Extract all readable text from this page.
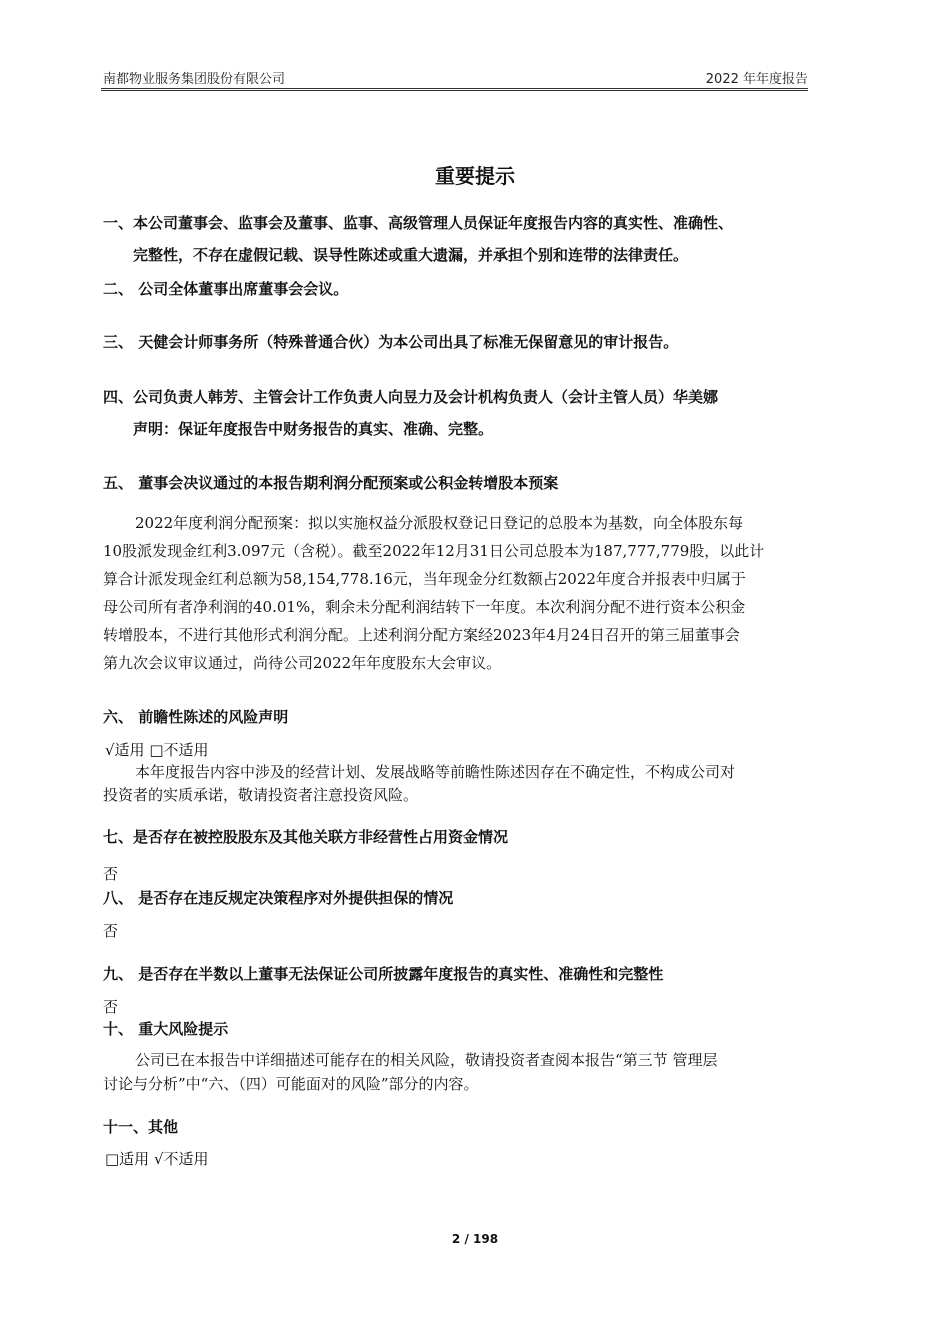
南都物业服务集团股份有限公司	2022 年年度报告
重要提示
一、本公司董事会、监事会及董事、监事、高级管理人员保证年度报告内容的真实性、准确性、
完整性，不存在虚假记载、误导性陈述或重大遗漏，并承担个别和连带的法律责任。
二、 公司全体董事出席董事会会议。
三、 天健会计师事务所（特殊普通合伙）为本公司出具了标准无保留意见的审计报告。
四、公司负责人韩芳、主管会计工作负责人向昱力及会计机构负责人（会计主管人员）华美娜
声明：保证年度报告中财务报告的真实、准确、完整。
五、 董事会决议通过的本报告期利润分配预案或公积金转增股本预案
2022年度利润分配预案：拟以实施权益分派股权登记日登记的总股本为基数，向全体股东每
10股派发现金红利3.097元（含税）。截至2022年12月31日公司总股本为187,777,779股，以此计
算合计派发现金红利总额为58,154,778.16元，当年现金分红数额占2022年度合并报表中归属于
母公司所有者净利润的40.01%，剩余未分配利润结转下一年度。本次利润分配不进行资本公积金
转增股本，不进行其他形式利润分配。上述利润分配方案经2023年4月24日召开的第三届董事会
第九次会议审议通过，尚待公司2022年年度股东大会审议。
六、 前瞻性陈述的风险声明
√适用 □不适用
本年度报告内容中涉及的经营计划、发展战略等前瞻性陈述因存在不确定性，不构成公司对
投资者的实质承诺，敬请投资者注意投资风险。
七、是否存在被控股股东及其他关联方非经营性占用资金情况
否
八、 是否存在违反规定决策程序对外提供担保的情况
否
九、 是否存在半数以上董事无法保证公司所披露年度报告的真实性、准确性和完整性
否
十、 重大风险提示
公司已在本报告中详细描述可能存在的相关风险，敬请投资者查阅本报告“第三节 管理层
讨论与分析”中“六、（四）可能面对的风险”部分的内容。
十一、其他
□适用 √不适用
2 / 198
